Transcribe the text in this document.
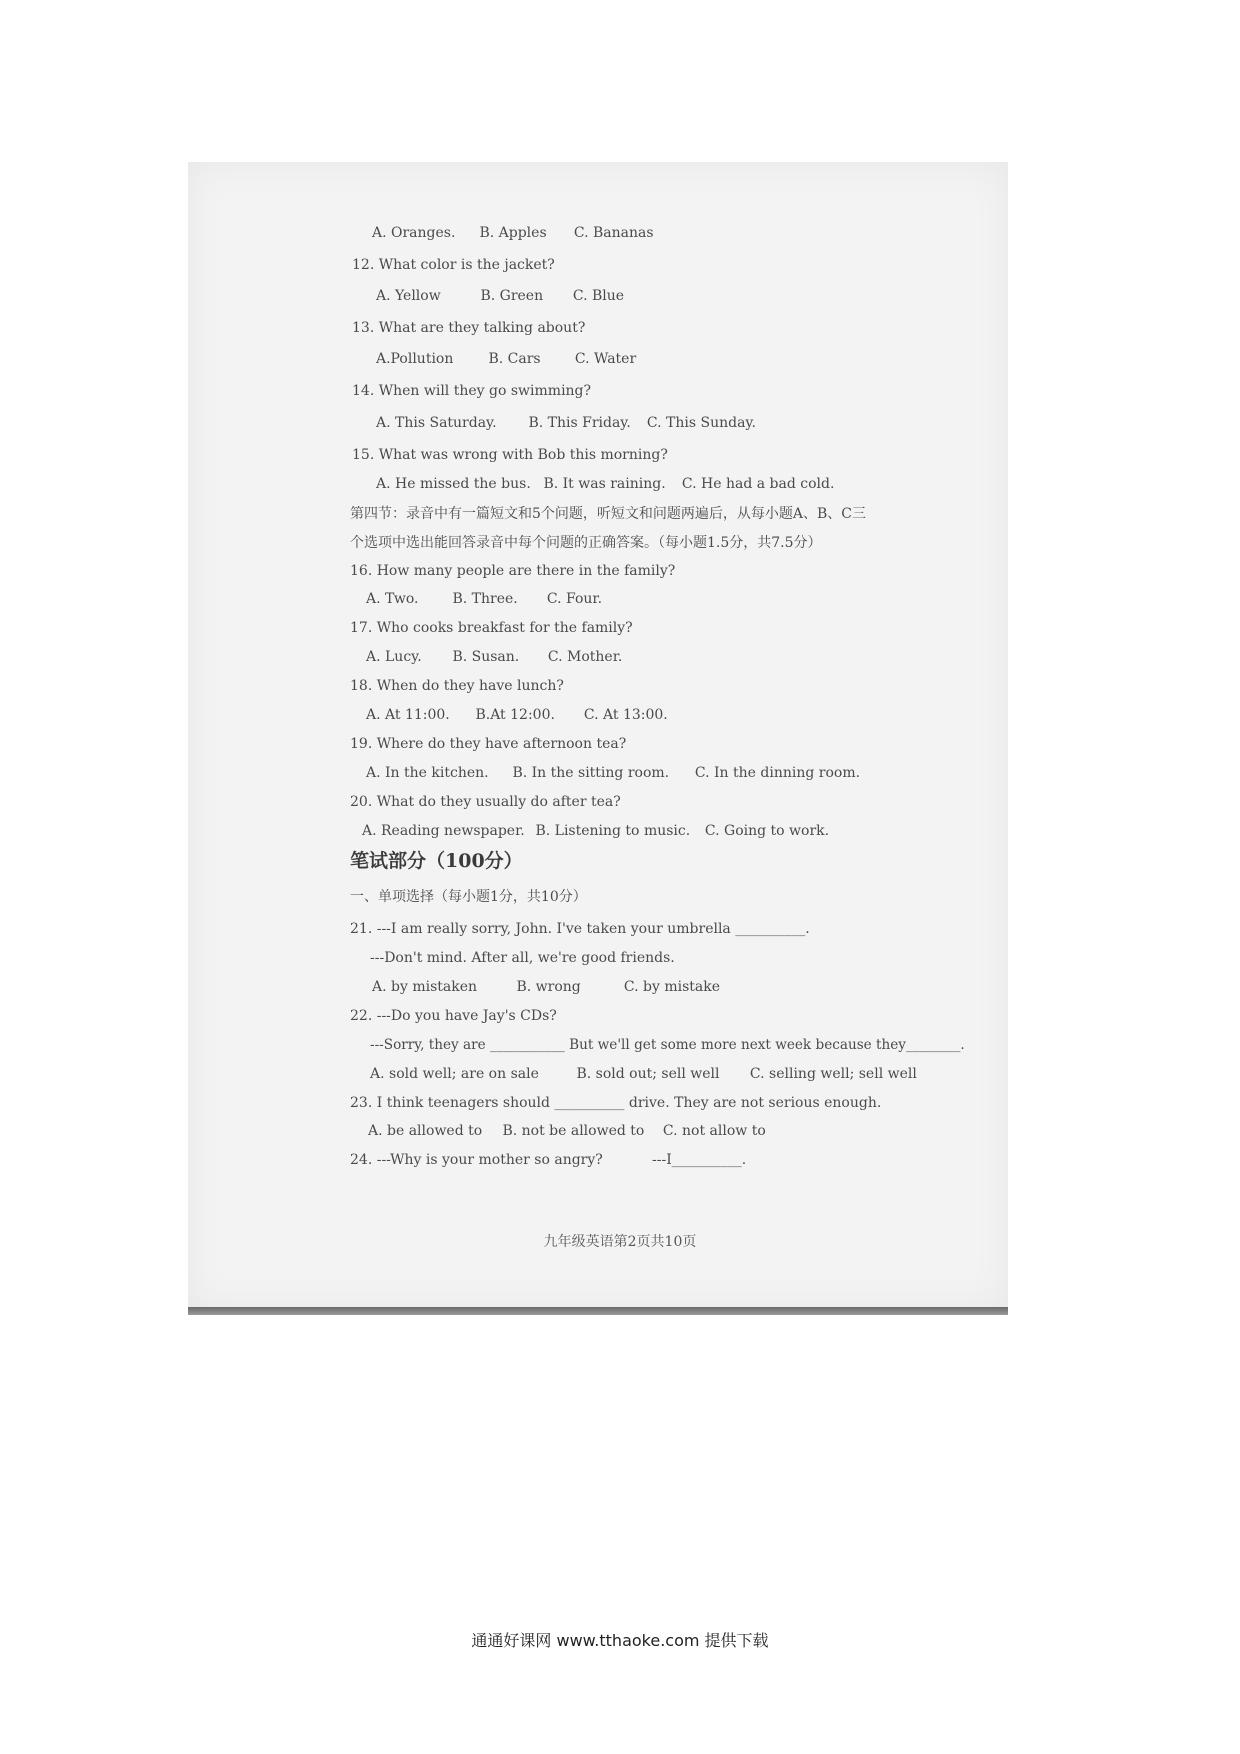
A. Oranges. B. Apples C. Bananas
12. What color is the jacket?
A. Yellow	B. Green C. Blue
13. What are they talking about?
A.Pollution	B. Cars C. Water
14. When will they go swimming?
A. This Saturday. B. This Friday. C. This Sunday.
15. What was wrong with Bob this morning?
A. He missed the bus. B. It was raining. C. He had a bad cold.
第四节：录音中有一篇短文和5个问题，听短文和问题两遍后，从每小题A、B、C三
个选项中选出能回答录音中每个问题的正确答案。（每小题1.5分，共7.5分）
16. How many people are there in the family?
A. Two. B. Three. C. Four.
17. Who cooks breakfast for the family?
A. Lucy. B. Susan. C. Mother.
18. When do they have lunch?
A. At 11:00. B.At 12:00. C. At 13:00.
19. Where do they have afternoon tea?
A. In the kitchen. B. In the sitting room. C. In the dinning room.
20. What do they usually do after tea?
A. Reading newspaper. B. Listening to music. C. Going to work.
笔试部分（100分）
一、单项选择（每小题1分，共10分）
21. ---I am really sorry, John. I've taken your umbrella __________.
---Don't mind. After all, we're good friends.
A. by mistaken	B. wrong	C. by mistake
22. ---Do you have Jay's CDs?
---Sorry, they are ___________ But we'll get some more next week because they________.
A. sold well; are on sale	B. sold out; sell well C. selling well; sell well
23. I think teenagers should __________ drive. They are not serious enough.
A. be allowed to B. not be allowed to C. not allow to
24. ---Why is your mother so angry?	---I__________.
九年级英语第2页共10页
通通好课网 www.tthaoke.com 提供下载
